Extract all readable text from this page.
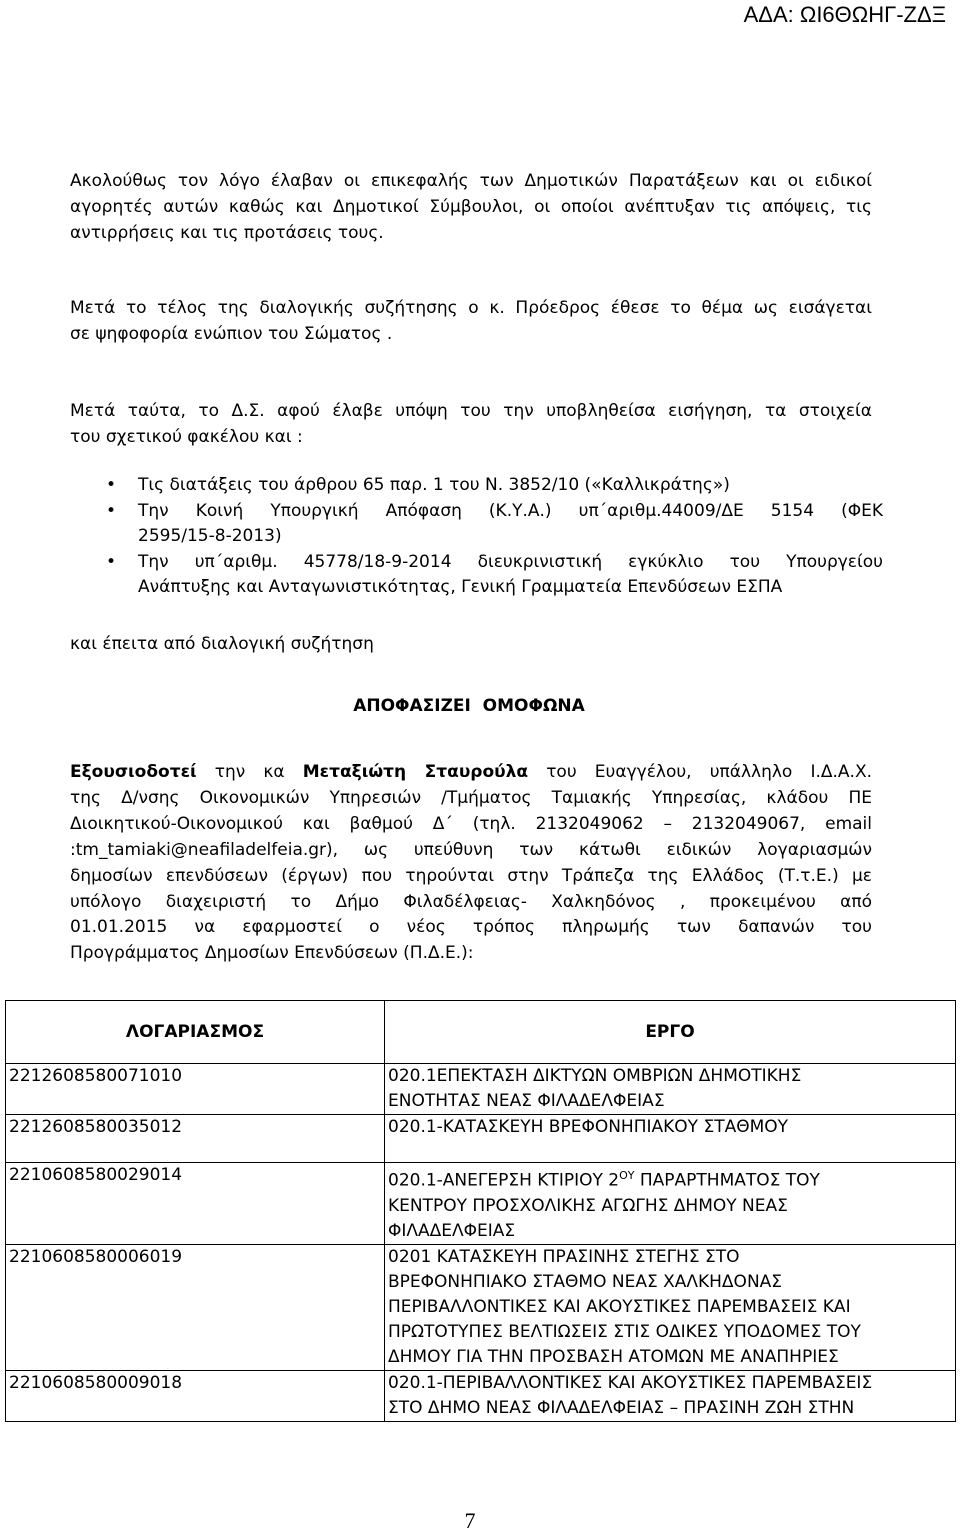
ΑΔΑ: ΩΙ6ΘΩΗΓ-ΖΔΞ
Ακολούθως τον λόγο έλαβαν οι επικεφαλής των Δημοτικών Παρατάξεων και οι ειδικοί
αγορητές αυτών καθώς και Δημοτικοί Σύμβουλοι, οι οποίοι ανέπτυξαν τις απόψεις, τις
αντιρρήσεις και τις προτάσεις τους.
Μετά το τέλος της διαλογικής συζήτησης ο κ. Πρόεδρος έθεσε το θέμα ως εισάγεται
σε ψηφοφορία ενώπιον του Σώματος .
Μετά ταύτα, το Δ.Σ. αφού έλαβε υπόψη του την υποβληθείσα εισήγηση, τα στοιχεία
του σχετικού φακέλου και :
• Τις διατάξεις του άρθρου 65 παρ. 1 του Ν. 3852/10 («Καλλικράτης»)
• Την Κοινή Υπουργική Απόφαση (Κ.Υ.Α.) υπ΄αριθμ.44009/ΔΕ 5154 (ΦΕΚ
2595/15-8-2013)
• Την υπ΄αριθμ. 45778/18-9-2014 διευκρινιστική εγκύκλιο του Υπουργείου
Ανάπτυξης και Ανταγωνιστικότητας, Γενική Γραμματεία Επενδύσεων ΕΣΠΑ
και έπειτα από διαλογική συζήτηση
ΑΠΟΦΑΣΙΖΕΙ  ΟΜΟΦΩΝΑ
Εξουσιοδοτεί την κα Μεταξιώτη Σταυρούλα του Ευαγγέλου, υπάλληλο Ι.Δ.Α.Χ.
της Δ/νσης Οικονομικών Υπηρεσιών /Τμήματος Ταμιακής Υπηρεσίας, κλάδου ΠΕ
Διοικητικού-Οικονομικού και βαθμού Δ΄ (τηλ. 2132049062 – 2132049067, email
:tm_tamiaki@neafiladelfeia.gr), ως υπεύθυνη των κάτωθι ειδικών λογαριασμών
δημοσίων επενδύσεων (έργων) που τηρούνται στην Τράπεζα της Ελλάδος (Τ.τ.Ε.) με
υπόλογο διαχειριστή το Δήμο Φιλαδέλφειας- Χαλκηδόνος , προκειμένου από
01.01.2015 να εφαρμοστεί ο νέος τρόπος πληρωμής των δαπανών του
Προγράμματος Δημοσίων Επενδύσεων (Π.Δ.Ε.):
ΛΟΓΑΡΙΑΣΜΟΣ	ΕΡΓΟ
221260858007​1010	020.1ΕΠΕΚΤΑΣΗ ΔΙΚΤΥΩΝ ΟΜΒΡΙΩΝ ΔΗΜΟΤΙΚΗΣ
ΕΝΟΤΗΤΑΣ ΝΕΑΣ ΦΙΛΑΔΕΛΦΕΙΑΣ

221260858003​5012	020.1-ΚΑΤΑΣΚΕΥΗ ΒΡΕΦΟΝΗΠΙΑΚΟΥ ΣΤΑΘΜΟΥ

221060858002​9014	020.1-ΑΝΕΓΕΡΣΗ ΚΤΙΡΙΟΥ $2^{O\Upsilon}$ ΠΑΡΑΡΤΗΜΑΤΟΣ ΤΟΥ
ΚΕΝΤΡΟΥ ΠΡΟΣΧΟΛΙΚΗΣ ΑΓΩΓΗΣ ΔΗΜΟΥ ΝΕΑΣ
ΦΙΛΑΔΕΛΦΕΙΑΣ

221060858000​6019	0201 ΚΑΤΑΣΚΕΥΗ ΠΡΑΣΙΝΗΣ ΣΤΕΓΗΣ ΣΤΟ
ΒΡΕΦΟΝΗΠΙΑΚΟ ΣΤΑΘΜΟ ΝΕΑΣ ΧΑΛΚΗΔΟΝΑΣ
ΠΕΡΙΒΑΛΛΟΝΤΙΚΕΣ ΚΑΙ ΑΚΟΥΣΤΙΚΕΣ ΠΑΡΕΜΒΑΣΕΙΣ ΚΑΙ
ΠΡΩΤΟΤΥΠΕΣ ΒΕΛΤΙΩΣΕΙΣ ΣΤΙΣ ΟΔΙΚΕΣ ΥΠΟΔΟΜΕΣ ΤΟΥ
ΔΗΜΟΥ ΓΙΑ ΤΗΝ ΠΡΟΣΒΑΣΗ ΑΤΟΜΩΝ ΜΕ ΑΝΑΠΗΡΙΕΣ

221060858000​9018	020.1-ΠΕΡΙΒΑΛΛΟΝΤΙΚΕΣ ΚΑΙ ΑΚΟΥΣΤΙΚΕΣ ΠΑΡΕΜΒΑΣΕΙΣ
ΣΤΟ ΔΗΜΟ ΝΕΑΣ ΦΙΛΑΔΕΛΦΕΙΑΣ – ΠΡΑΣΙΝΗ ΖΩΗ ΣΤΗΝ
7
